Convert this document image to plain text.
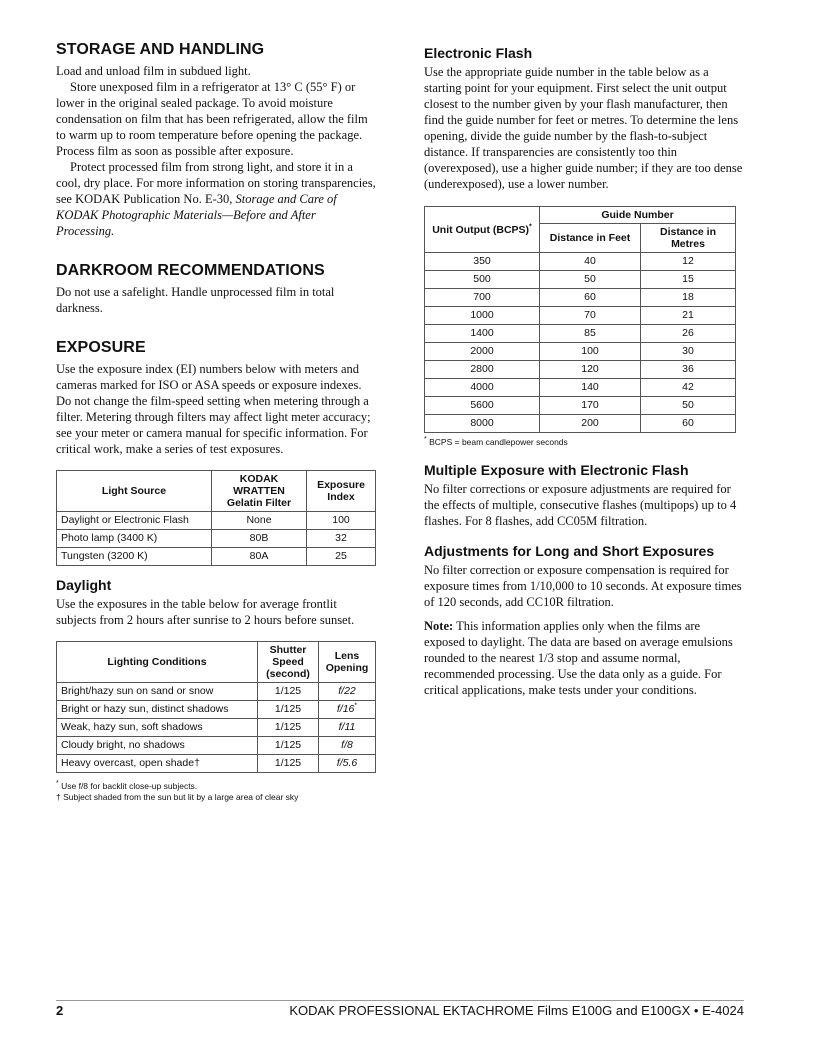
STORAGE AND HANDLING

Load and unload film in subdued light.

Store unexposed film in a refrigerator at 13° C (55° F) or lower in the original sealed package. To avoid moisture condensation on film that has been refrigerated, allow the film to warm up to room temperature before opening the package. Process film as soon as possible after exposure.

Protect processed film from strong light, and store it in a cool, dry place. For more information on storing transparencies, see KODAK Publication No. E-30, Storage and Care of KODAK Photographic Materials—Before and After Processing.

DARKROOM RECOMMENDATIONS

Do not use a safelight. Handle unprocessed film in total darkness.

EXPOSURE

Use the exposure index (EI) numbers below with meters and cameras marked for ISO or ASA speeds or exposure indexes. Do not change the film-speed setting when metering through a filter. Metering through filters may affect light meter accuracy; see your meter or camera manual for specific information. For critical work, make a series of test exposures.

Light Source	KODAK WRATTEN Gelatin Filter	Exposure Index
Daylight or Electronic Flash	None	100
Photo lamp (3400 K)	80B	32
Tungsten (3200 K)	80A	25
Daylight

Use the exposures in the table below for average frontlit subjects from 2 hours after sunrise to 2 hours before sunset.

Lighting Conditions	Shutter Speed (second)	Lens Opening
Bright/hazy sun on sand or snow	1/125	f/22
Bright or hazy sun, distinct shadows	1/125	f/16*
Weak, hazy sun, soft shadows	1/125	f/11
Cloudy bright, no shadows	1/125	f/8
Heavy overcast, open shade†	1/125	f/5.6
* Use f/8 for backlit close-up subjects.
† Subject shaded from the sun but lit by a large area of clear sky
Electronic Flash

Use the appropriate guide number in the table below as a starting point for your equipment. First select the unit output closest to the number given by your flash manufacturer, then find the guide number for feet or metres. To determine the lens opening, divide the guide number by the flash-to-subject distance. If transparencies are consistently too thin (overexposed), use a higher guide number; if they are too dense (underexposed), use a lower number.

Unit Output (BCPS)*	Guide Number	
	Distance in Feet	Distance in Metres
350	40	12
500	50	15
700	60	18
1000	70	21
1400	85	26
2000	100	30
2800	120	36
4000	140	42
5600	170	50
8000	200	60
* BCPS = beam candlepower seconds
Multiple Exposure with Electronic Flash

No filter corrections or exposure adjustments are required for the effects of multiple, consecutive flashes (multipops) up to 4 flashes. For 8 flashes, add CC05M filtration.

Adjustments for Long and Short Exposures

No filter correction or exposure compensation is required for exposure times from 1/10,000 to 10 seconds. At exposure times of 120 seconds, add CC10R filtration.

Note: This information applies only when the films are exposed to daylight. The data are based on average emulsions rounded to the nearest 1/3 stop and assume normal, recommended processing. Use the data only as a guide. For critical applications, make tests under your conditions.

2	KODAK PROFESSIONAL EKTACHROME Films E100G and E100GX • E-4024
